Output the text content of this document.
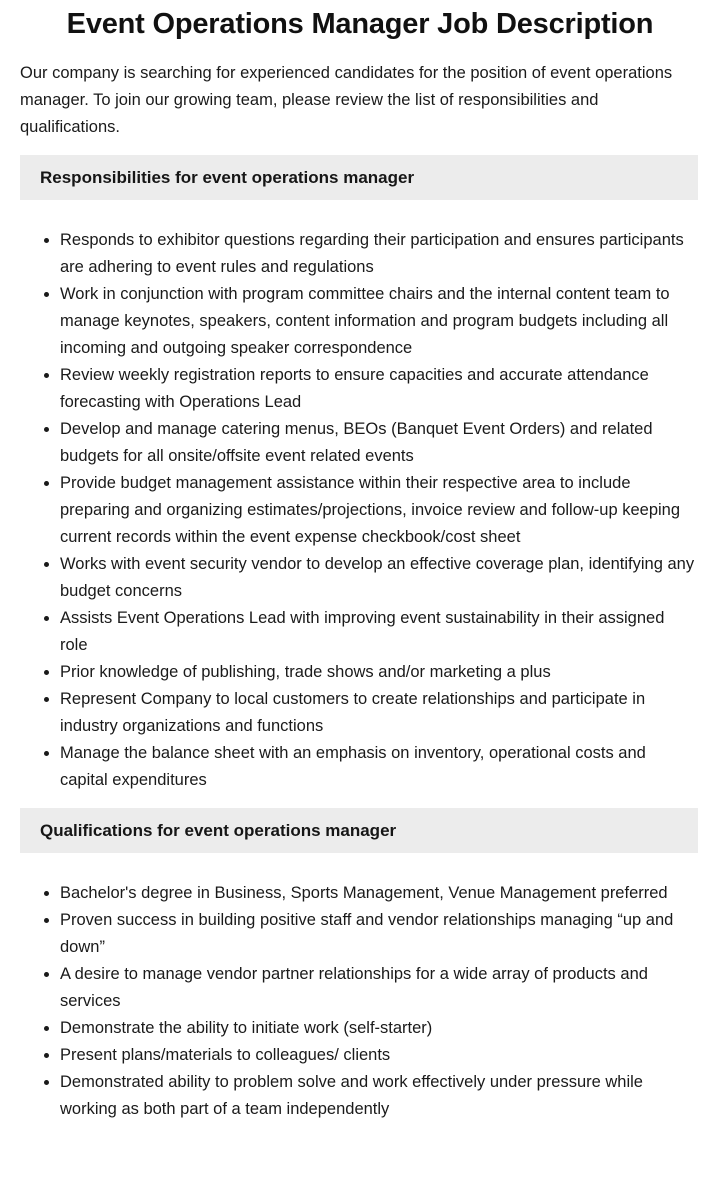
Event Operations Manager Job Description

Our company is searching for experienced candidates for the position of event operations manager. To join our growing team, please review the list of responsibilities and qualifications.

Responsibilities for event operations manager
• Responds to exhibitor questions regarding their participation and ensures participants are adhering to event rules and regulations
• Work in conjunction with program committee chairs and the internal content team to manage keynotes, speakers, content information and program budgets including all incoming and outgoing speaker correspondence
• Review weekly registration reports to ensure capacities and accurate attendance forecasting with Operations Lead
• Develop and manage catering menus, BEOs (Banquet Event Orders) and related budgets for all onsite/offsite event related events
• Provide budget management assistance within their respective area to include preparing and organizing estimates/projections, invoice review and follow-up keeping current records within the event expense checkbook/cost sheet
• Works with event security vendor to develop an effective coverage plan, identifying any budget concerns
• Assists Event Operations Lead with improving event sustainability in their assigned role
• Prior knowledge of publishing, trade shows and/or marketing a plus
• Represent Company to local customers to create relationships and participate in industry organizations and functions
• Manage the balance sheet with an emphasis on inventory, operational costs and capital expenditures
Qualifications for event operations manager
• Bachelor's degree in Business, Sports Management, Venue Management preferred
• Proven success in building positive staff and vendor relationships managing “up and down”
• A desire to manage vendor partner relationships for a wide array of products and services
• Demonstrate the ability to initiate work (self-starter)
• Present plans/materials to colleagues/ clients
• Demonstrated ability to problem solve and work effectively under pressure while working as both part of a team independently
